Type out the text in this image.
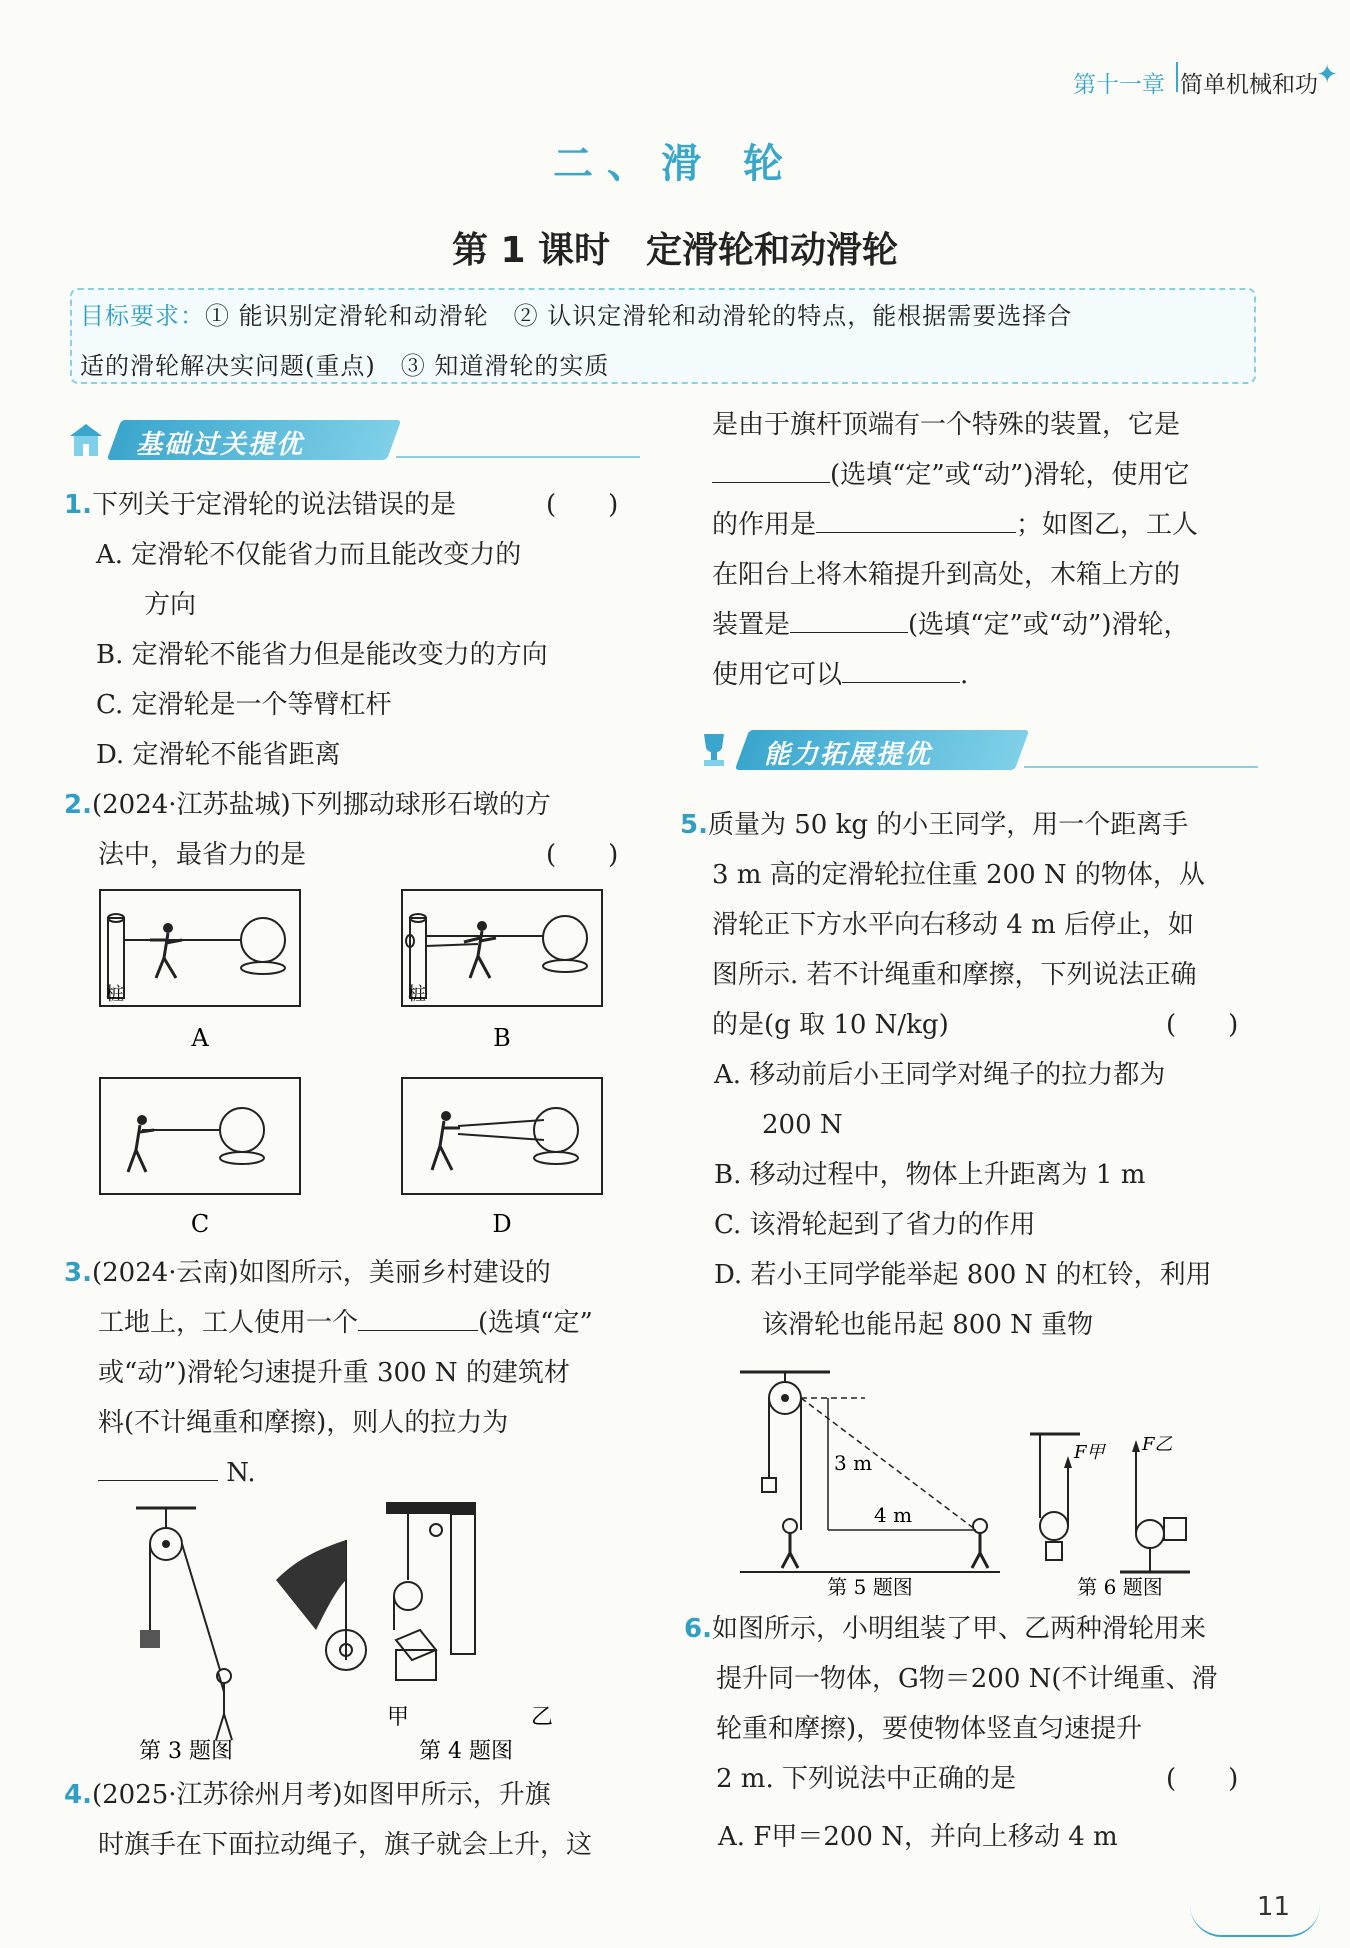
第十一章 简单机械和功
✦
二、滑 轮
第 1 课时　定滑轮和动滑轮
目标要求：① 能识别定滑轮和动滑轮　② 认识定滑轮和动滑轮的特点，能根据需要选择合
适的滑轮解决实问题(重点)　③ 知道滑轮的实质
基础过关提优
1.下列关于定滑轮的说法错误的是	(　　)
A. 定滑轮不仅能省力而且能改变力的
方向
B. 定滑轮不能省力但是能改变力的方向
C. 定滑轮是一个等臂杠杆
D. 定滑轮不能省距离
2.(2024·江苏盐城)下列挪动球形石墩的方
法中，最省力的是	(　　)
桩
A
桩
B
C	D
3.(2024·云南)如图所示，美丽乡村建设的
工地上，工人使用一个	(选填“定”
或“动”)滑轮匀速提升重 300 N 的建筑材
料(不计绳重和摩擦)，则人的拉力为
N.
第 3 题图
甲	乙
第 4 题图
4.(2025·江苏徐州月考)如图甲所示，升旗
时旗手在下面拉动绳子，旗子就会上升，这
是由于旗杆顶端有一个特殊的装置，它是
(选填“定”或“动”)滑轮，使用它
的作用是	；如图乙，工人
在阳台上将木箱提升到高处，木箱上方的
装置是	(选填“定”或“动”)滑轮，
使用它可以	.
能力拓展提优
5.质量为 50 kg 的小王同学，用一个距离手
3 m 高的定滑轮拉住重 200 N 的物体，从
滑轮正下方水平向右移动 4 m 后停止，如
图所示. 若不计绳重和摩擦，下列说法正确
的是(g 取 10 N/kg)	(　　)
A. 移动前后小王同学对绳子的拉力都为
200 N
B. 移动过程中，物体上升距离为 1 m
C. 该滑轮起到了省力的作用
D. 若小王同学能举起 800 N 的杠铃，利用
该滑轮也能吊起 800 N 重物
3 m
4 m
第 5 题图
F甲 F乙
第 6 题图
6.如图所示，小明组装了甲、乙两种滑轮用来
提升同一物体，G物＝200 N(不计绳重、滑
轮重和摩擦)，要使物体竖直匀速提升
2 m. 下列说法中正确的是	(　　)
A. F甲＝200 N，并向上移动 4 m
11
